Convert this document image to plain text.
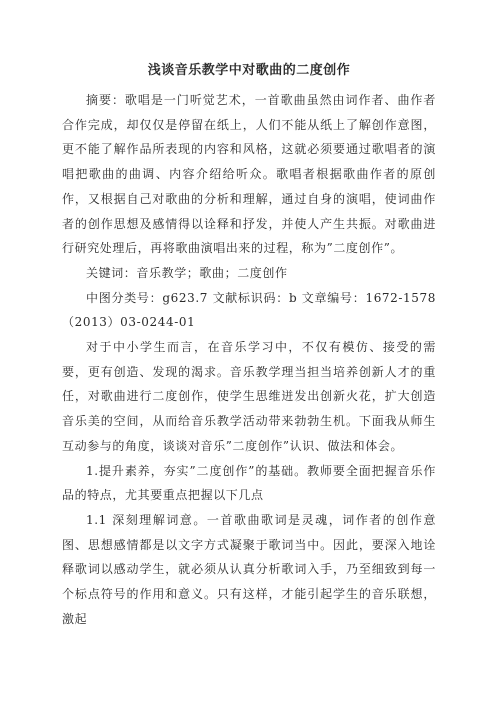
浅谈音乐教学中对歌曲的二度创作

摘要：歌唱是一门听觉艺术，一首歌曲虽然由词作者、曲作者合作完成，却仅仅是停留在纸上，人们不能从纸上了解创作意图，更不能了解作品所表现的内容和风格，这就必须要通过歌唱者的演唱把歌曲的曲调、内容介绍给听众。歌唱者根据歌曲作者的原创作，又根据自己对歌曲的分析和理解，通过自身的演唱，使词曲作者的创作思想及感情得以诠释和抒发，并使人产生共振。对歌曲进行研究处理后，再将歌曲演唱出来的过程，称为”二度创作”。

关键词：音乐教学；歌曲；二度创作

中图分类号：g623.7 文献标识码：b 文章编号：1672-1578（2013）03-0244-01

对于中小学生而言，在音乐学习中，不仅有模仿、接受的需要，更有创造、发现的渴求。音乐教学理当担当培养创新人才的重任，对歌曲进行二度创作，使学生思维迸发出创新火花，扩大创造音乐美的空间，从而给音乐教学活动带来勃勃生机。下面我从师生互动参与的角度，谈谈对音乐”二度创作”认识、做法和体会。

1.提升素养，夯实”二度创作”的基础。教师要全面把握音乐作品的特点，尤其要重点把握以下几点

1.1 深刻理解词意。一首歌曲歌词是灵魂，词作者的创作意图、思想感情都是以文字方式凝聚于歌词当中。因此，要深入地诠释歌词以感动学生，就必须从认真分析歌词入手，乃至细致到每一个标点符号的作用和意义。只有这样，才能引起学生的音乐联想，激起
